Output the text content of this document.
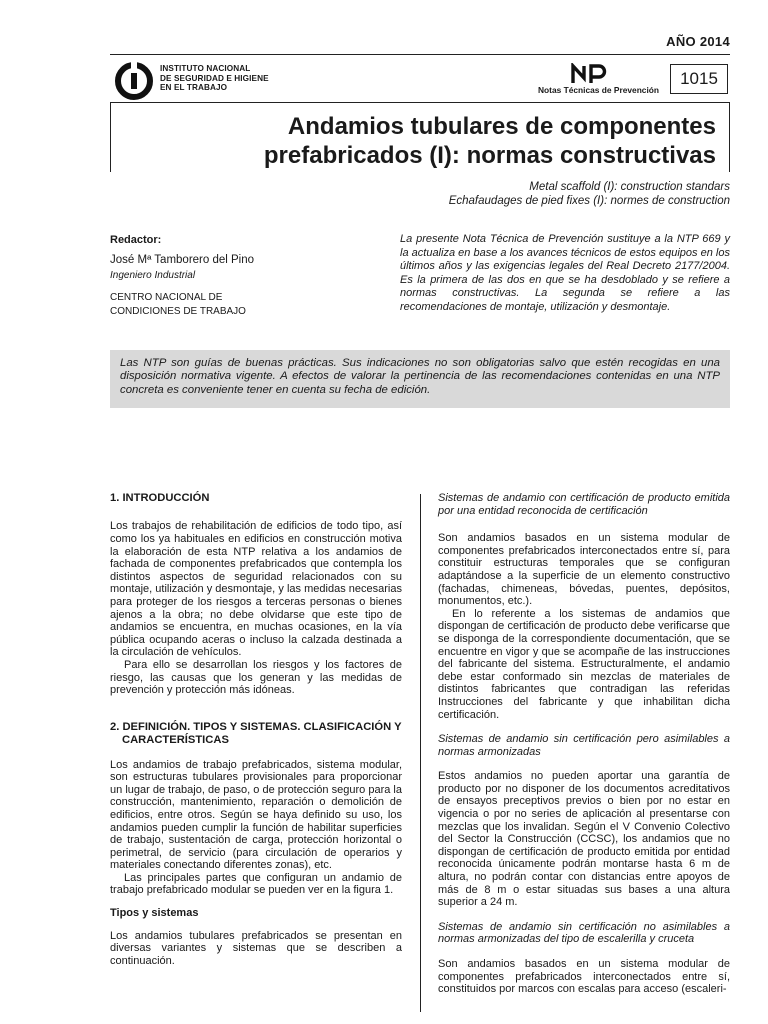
AÑO 2014
INSTITUTO NACIONAL
DE SEGURIDAD E HIGIENE
EN EL TRABAJO	Notas Técnicas de Prevención
1015
Andamios tubulares de componentes
prefabricados (I): normas constructivas
Metal scaffold (I): construction standars
Echafaudages de pied fixes (I): normes de construction
Redactor:
José Mª Tamborero del Pino
Ingeniero Industrial
CENTRO NACIONAL DE
CONDICIONES DE TRABAJO
La presente Nota Técnica de Prevención sustituye a la NTP 669 y la actualiza en base a los avances técnicos de estos equipos en los últimos años y las exigencias legales del Real Decreto 2177/2004. Es la primera de las dos en que se ha desdoblado y se refiere a normas constructivas. La segunda se refiere a las recomendaciones de montaje, utilización y desmontaje.
Las NTP son guías de buenas prácticas. Sus indicaciones no son obligatorias salvo que estén recogidas en una disposición normativa vigente. A efectos de valorar la pertinencia de las recomendaciones contenidas en una NTP concreta es conveniente tener en cuenta su fecha de edición.
1. INTRODUCCIÓN

Los trabajos de rehabilitación de edificios de todo tipo, así como los ya habituales en edificios en construcción motiva la elaboración de esta NTP relativa a los andamios de fachada de componentes prefabricados que contempla los distintos aspectos de seguridad relacionados con su montaje, utilización y desmontaje, y las medidas necesarias para proteger de los riesgos a terceras personas o bienes ajenos a la obra; no debe olvidarse que este tipo de andamios se encuentra, en muchas ocasiones, en la vía pública ocupando aceras o incluso la calzada destinada a la circulación de vehículos.

Para ello se desarrollan los riesgos y los factores de riesgo, las causas que los generan y las medidas de prevención y protección más idóneas.

2. DEFINICIÓN. TIPOS Y SISTEMAS. CLASIFICACIÓN Y CARACTERÍSTICAS

Los andamios de trabajo prefabricados, sistema modular, son estructuras tubulares provisionales para proporcionar un lugar de trabajo, de paso, o de protección seguro para la construcción, mantenimiento, reparación o demolición de edificios, entre otros. Según se haya definido su uso, los andamios pueden cumplir la función de habilitar superficies de trabajo, sustentación de carga, protección horizontal o perimetral, de servicio (para circulación de operarios y materiales conectando diferentes zonas), etc.

Las principales partes que configuran un andamio de trabajo prefabricado modular se pueden ver en la figura 1.

Tipos y sistemas

Los andamios tubulares prefabricados se presentan en diversas variantes y sistemas que se describen a continuación.

Sistemas de andamio con certificación de producto emitida por una entidad reconocida de certificación

Son andamios basados en un sistema modular de componentes prefabricados interconectados entre sí, para constituir estructuras temporales que se configuran adaptándose a la superficie de un elemento constructivo (fachadas, chimeneas, bóvedas, puentes, depósitos, monumentos, etc.).

En lo referente a los sistemas de andamios que dispongan de certificación de producto debe verificarse que se disponga de la correspondiente documentación, que se encuentre en vigor y que se acompañe de las instrucciones del fabricante del sistema. Estructuralmente, el andamio debe estar conformado sin mezclas de materiales de distintos fabricantes que contradigan las referidas Instrucciones del fabricante y que inhabilitan dicha certificación.

Sistemas de andamio sin certificación pero asimilables a normas armonizadas

Estos andamios no pueden aportar una garantía de producto por no disponer de los documentos acreditativos de ensayos preceptivos previos o bien por no estar en vigencia o por no series de aplicación al presentarse con mezclas que los invalidan. Según el V Convenio Colectivo del Sector la Construcción (CCSC), los andamios que no dispongan de certificación de producto emitida por entidad reconocida únicamente podrán montarse hasta 6 m de altura, no podrán contar con distancias entre apoyos de más de 8 m o estar situadas sus bases a una altura superior a 24 m.

Sistemas de andamio sin certificación no asimilables a normas armonizadas del tipo de escalerilla y cruceta

Son andamios basados en un sistema modular de componentes prefabricados interconectados entre sí, constituidos por marcos con escalas para acceso (escaleri-
